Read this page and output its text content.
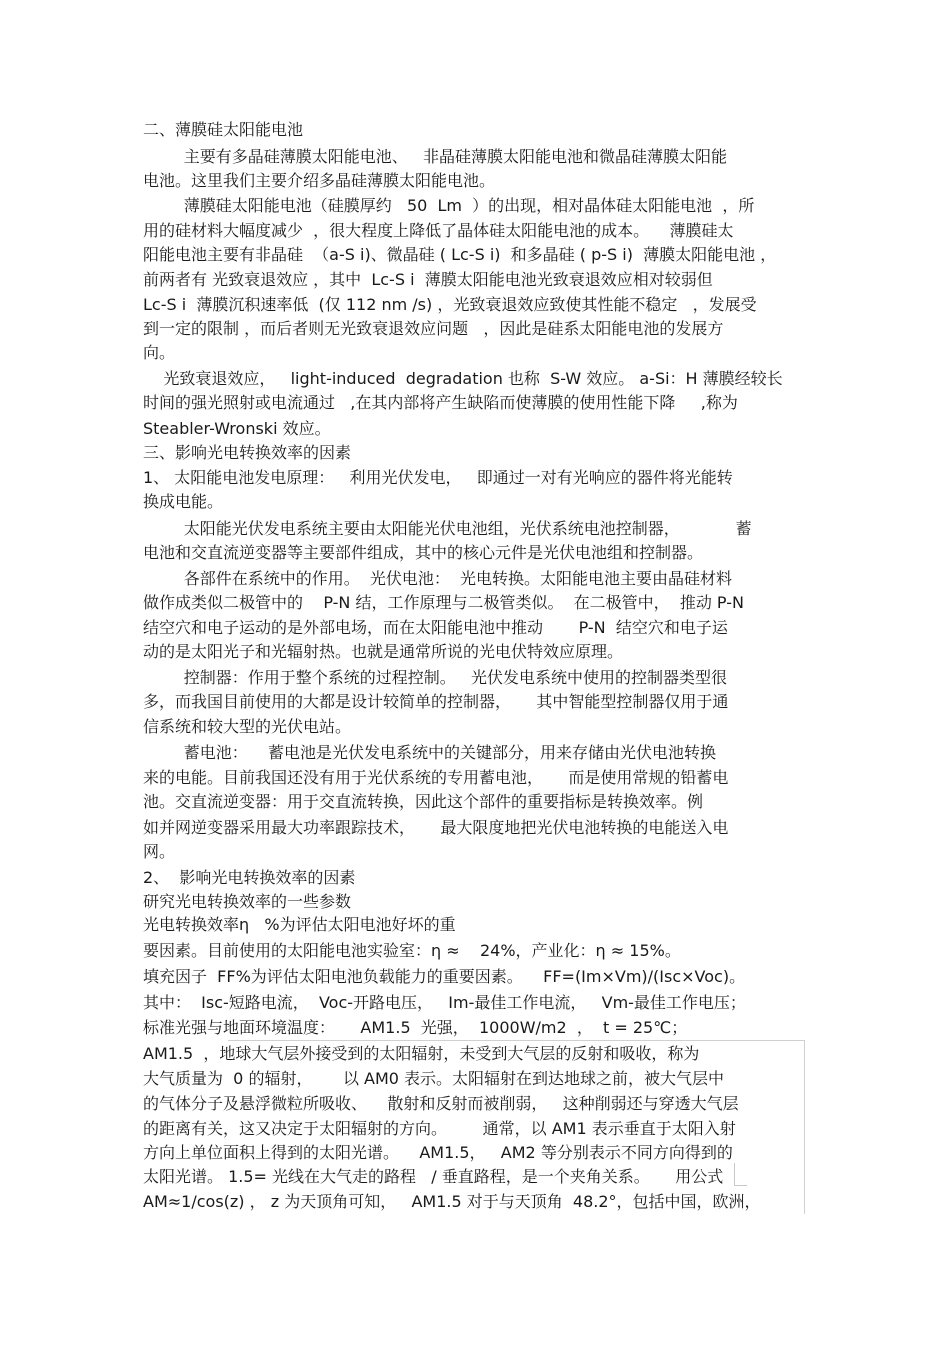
二、薄膜硅太阳能电池
主要有多晶硅薄膜太阳能电池、   非晶硅薄膜太阳能电池和微晶硅薄膜太阳能
电池。这里我们主要介绍多晶硅薄膜太阳能电池。
薄膜硅太阳能电池（硅膜厚约   50  Lm  ）的出现，相对晶体硅太阳能电池  ，所
用的硅材料大幅度减少  ，很大程度上降低了晶体硅太阳能电池的成本。    薄膜硅太
阳能电池主要有非晶硅  （a-S i)、微晶硅 ( Lc-S i)  和多晶硅 ( p-S i)  薄膜太阳能电池 ，
前两者有 光致衰退效应 ，其中  Lc-S i  薄膜太阳能电池光致衰退效应相对较弱但
Lc-S i  薄膜沉积速率低  (仅 112 nm /s) ，光致衰退效应致使其性能不稳定   ，发展受
到一定的限制 ，而后者则无光致衰退效应问题   ，因此是硅系太阳能电池的发展方
向。
光致衰退效应，   light-induced  degradation 也称  S-W 效应。 a-Si：H 薄膜经较长
时间的强光照射或电流通过   ,在其内部将产生缺陷而使薄膜的使用性能下降     ,称为
Steabler-Wronski 效应。
三、影响光电转换效率的因素
1、 太阳能电池发电原理：   利用光伏发电，   即通过一对有光响应的器件将光能转
换成电能。
太阳能光伏发电系统主要由太阳能光伏电池组，光伏系统电池控制器，           蓄
电池和交直流逆变器等主要部件组成，其中的核心元件是光伏电池组和控制器。
各部件在系统中的作用。  光伏电池：  光电转换。太阳能电池主要由晶硅材料
做作成类似二极管中的    P-N 结，工作原理与二极管类似。  在二极管中，  推动 P-N
结空穴和电子运动的是外部电场，而在太阳能电池中推动       P-N  结空穴和电子运
动的是太阳光子和光辐射热。也就是通常所说的光电伏特效应原理。
控制器：作用于整个系统的过程控制。   光伏发电系统中使用的控制器类型很
多，而我国目前使用的大都是设计较简单的控制器，     其中智能型控制器仅用于通
信系统和较大型的光伏电站。
蓄电池：    蓄电池是光伏发电系统中的关键部分，用来存储由光伏电池转换
来的电能。目前我国还没有用于光伏系统的专用蓄电池，     而是使用常规的铅蓄电
池。交直流逆变器：用于交直流转换，因此这个部件的重要指标是转换效率。例
如并网逆变器采用最大功率跟踪技术，     最大限度地把光伏电池转换的电能送入电
网。
2、  影响光电转换效率的因素
研究光电转换效率的一些参数
光电转换效率η   %为评估太阳电池好坏的重
要因素。目前使用的太阳能电池实验室：η ≈    24%，产业化：η ≈ 15%。
填充因子  FF%为评估太阳电池负载能力的重要因素。    FF=(Im×Vm)/(Isc×Voc)。
其中：  Isc-短路电流，  Voc-开路电压，   Im-最佳工作电流，   Vm-最佳工作电压；
标准光强与地面环境温度：     AM1.5  光强，  1000W/m2  ，  t = 25℃；
AM1.5  ，地球大气层外接受到的太阳辐射，未受到大气层的反射和吸收，称为
大气质量为  0 的辐射，      以 AM0 表示。太阳辐射在到达地球之前，被大气层中
的气体分子及悬浮微粒所吸收、    散射和反射而被削弱，   这种削弱还与穿透大气层
的距离有关，这又决定于太阳辐射的方向。       通常，以 AM1 表示垂直于太阳入射
方向上单位面积上得到的太阳光谱。    AM1.5，   AM2 等分别表示不同方向得到的
太阳光谱。 1.5= 光线在大气走的路程   / 垂直路程，是一个夹角关系。     用公式
AM≈1/cos(z) ， z 为天顶角可知，   AM1.5 对于与天顶角  48.2°，包括中国，欧洲，
